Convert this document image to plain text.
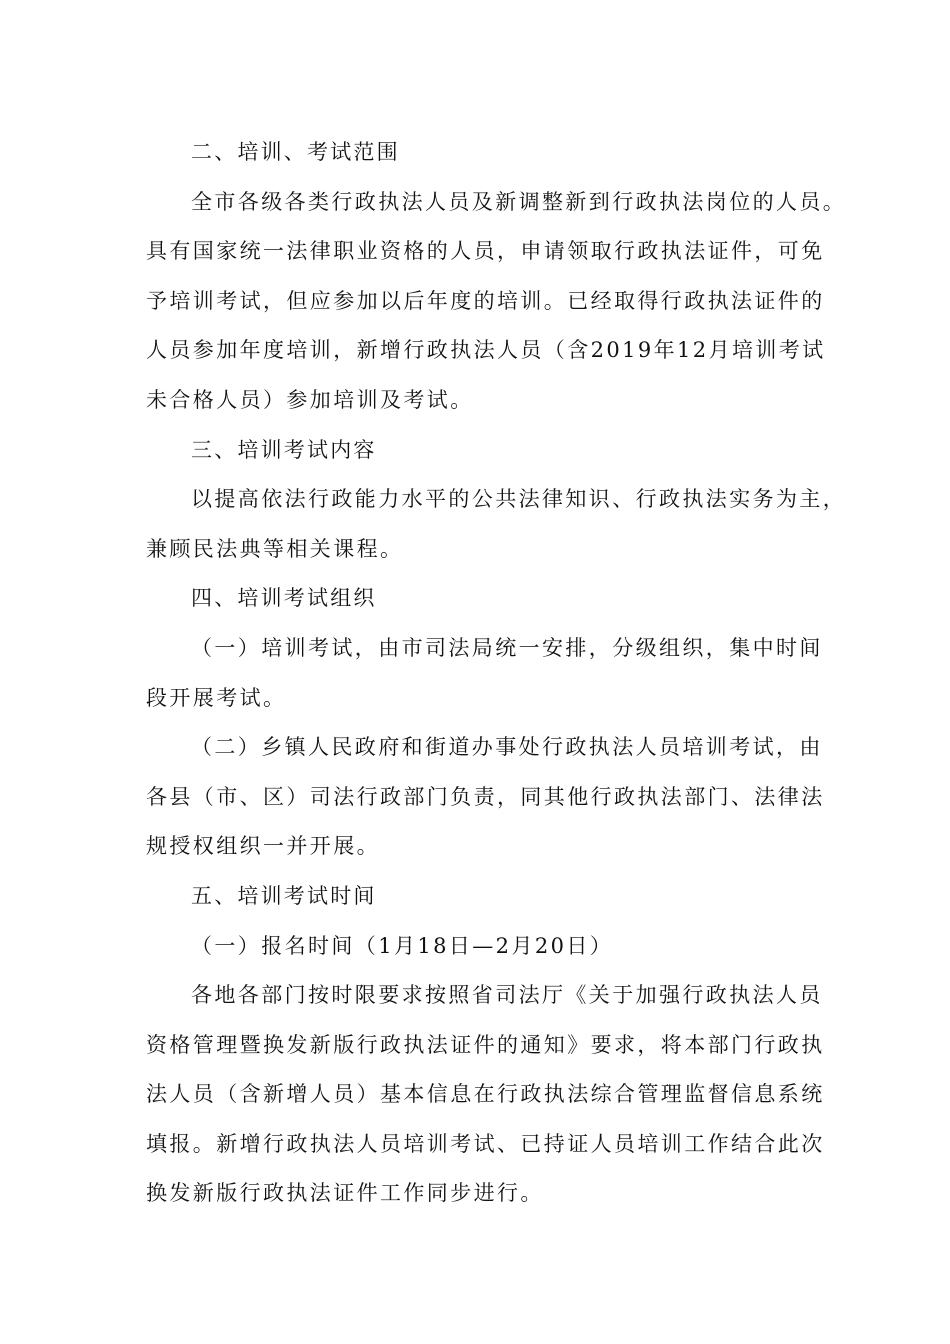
二、培训、考试范围
全市各级各类行政执法人员及新调整新到行政执法岗位的人员。
具有国家统一法律职业资格的人员，申请领取行政执法证件，可免
予培训考试，但应参加以后年度的培训。已经取得行政执法证件的
人员参加年度培训，新增行政执法人员（含2019年12月培训考试
未合格人员）参加培训及考试。
三、培训考试内容
以提高依法行政能力水平的公共法律知识、行政执法实务为主，
兼顾民法典等相关课程。
四、培训考试组织
（一）培训考试，由市司法局统一安排，分级组织，集中时间
段开展考试。
（二）乡镇人民政府和街道办事处行政执法人员培训考试，由
各县（市、区）司法行政部门负责，同其他行政执法部门、法律法
规授权组织一并开展。
五、培训考试时间
（一）报名时间（1月18日—2月20日）
各地各部门按时限要求按照省司法厅《关于加强行政执法人员
资格管理暨换发新版行政执法证件的通知》要求，将本部门行政执
法人员（含新增人员）基本信息在行政执法综合管理监督信息系统
填报。新增行政执法人员培训考试、已持证人员培训工作结合此次
换发新版行政执法证件工作同步进行。
